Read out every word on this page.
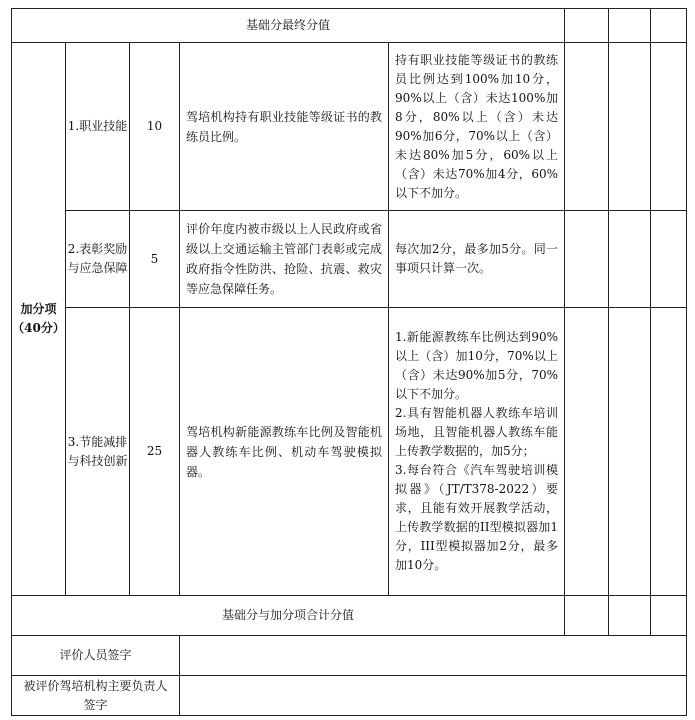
基础分最终分值							
加分项（40分）	1.职业技能	10	驾培机构持有职业技能等级证书的教练员比例。	持有职业技能等级证书的教练员比例达到100%加10分，90%以上（含）未达100%加8分，80%以上（含）未达90%加6分，70%以上（含）未达80%加5分，60%以上（含）未达70%加4分，60%以下不加分。			

	2.表彰奖励与应急保障	5	评价年度内被市级以上人民政府或省级以上交通运输主管部门表彰或完成政府指令性防洪、抢险、抗震、救灾等应急保障任务。	每次加2分，最多加5分。同一事项只计算一次。			

	3.节能减排与科技创新	25	驾培机构新能源教练车比例及智能机器人教练车比例、机动车驾驶模拟器。	1.新能源教练车比例达到90%以上（含）加10分，70%以上（含）未达90%加5分，70%以下不加分。
2.具有智能机器人教练车培训场地，且智能机器人教练车能上传教学数据的，加5分；
3.每台符合《汽车驾驶培训模拟器》（JT/T378-2022）要求，且能有效开展教学活动，上传教学数据的II型模拟器加1分，III型模拟器加2分，最多加10分。			

基础分与加分项合计分值							
评价人员签字							
被评价驾培机构主要负责人签字							
